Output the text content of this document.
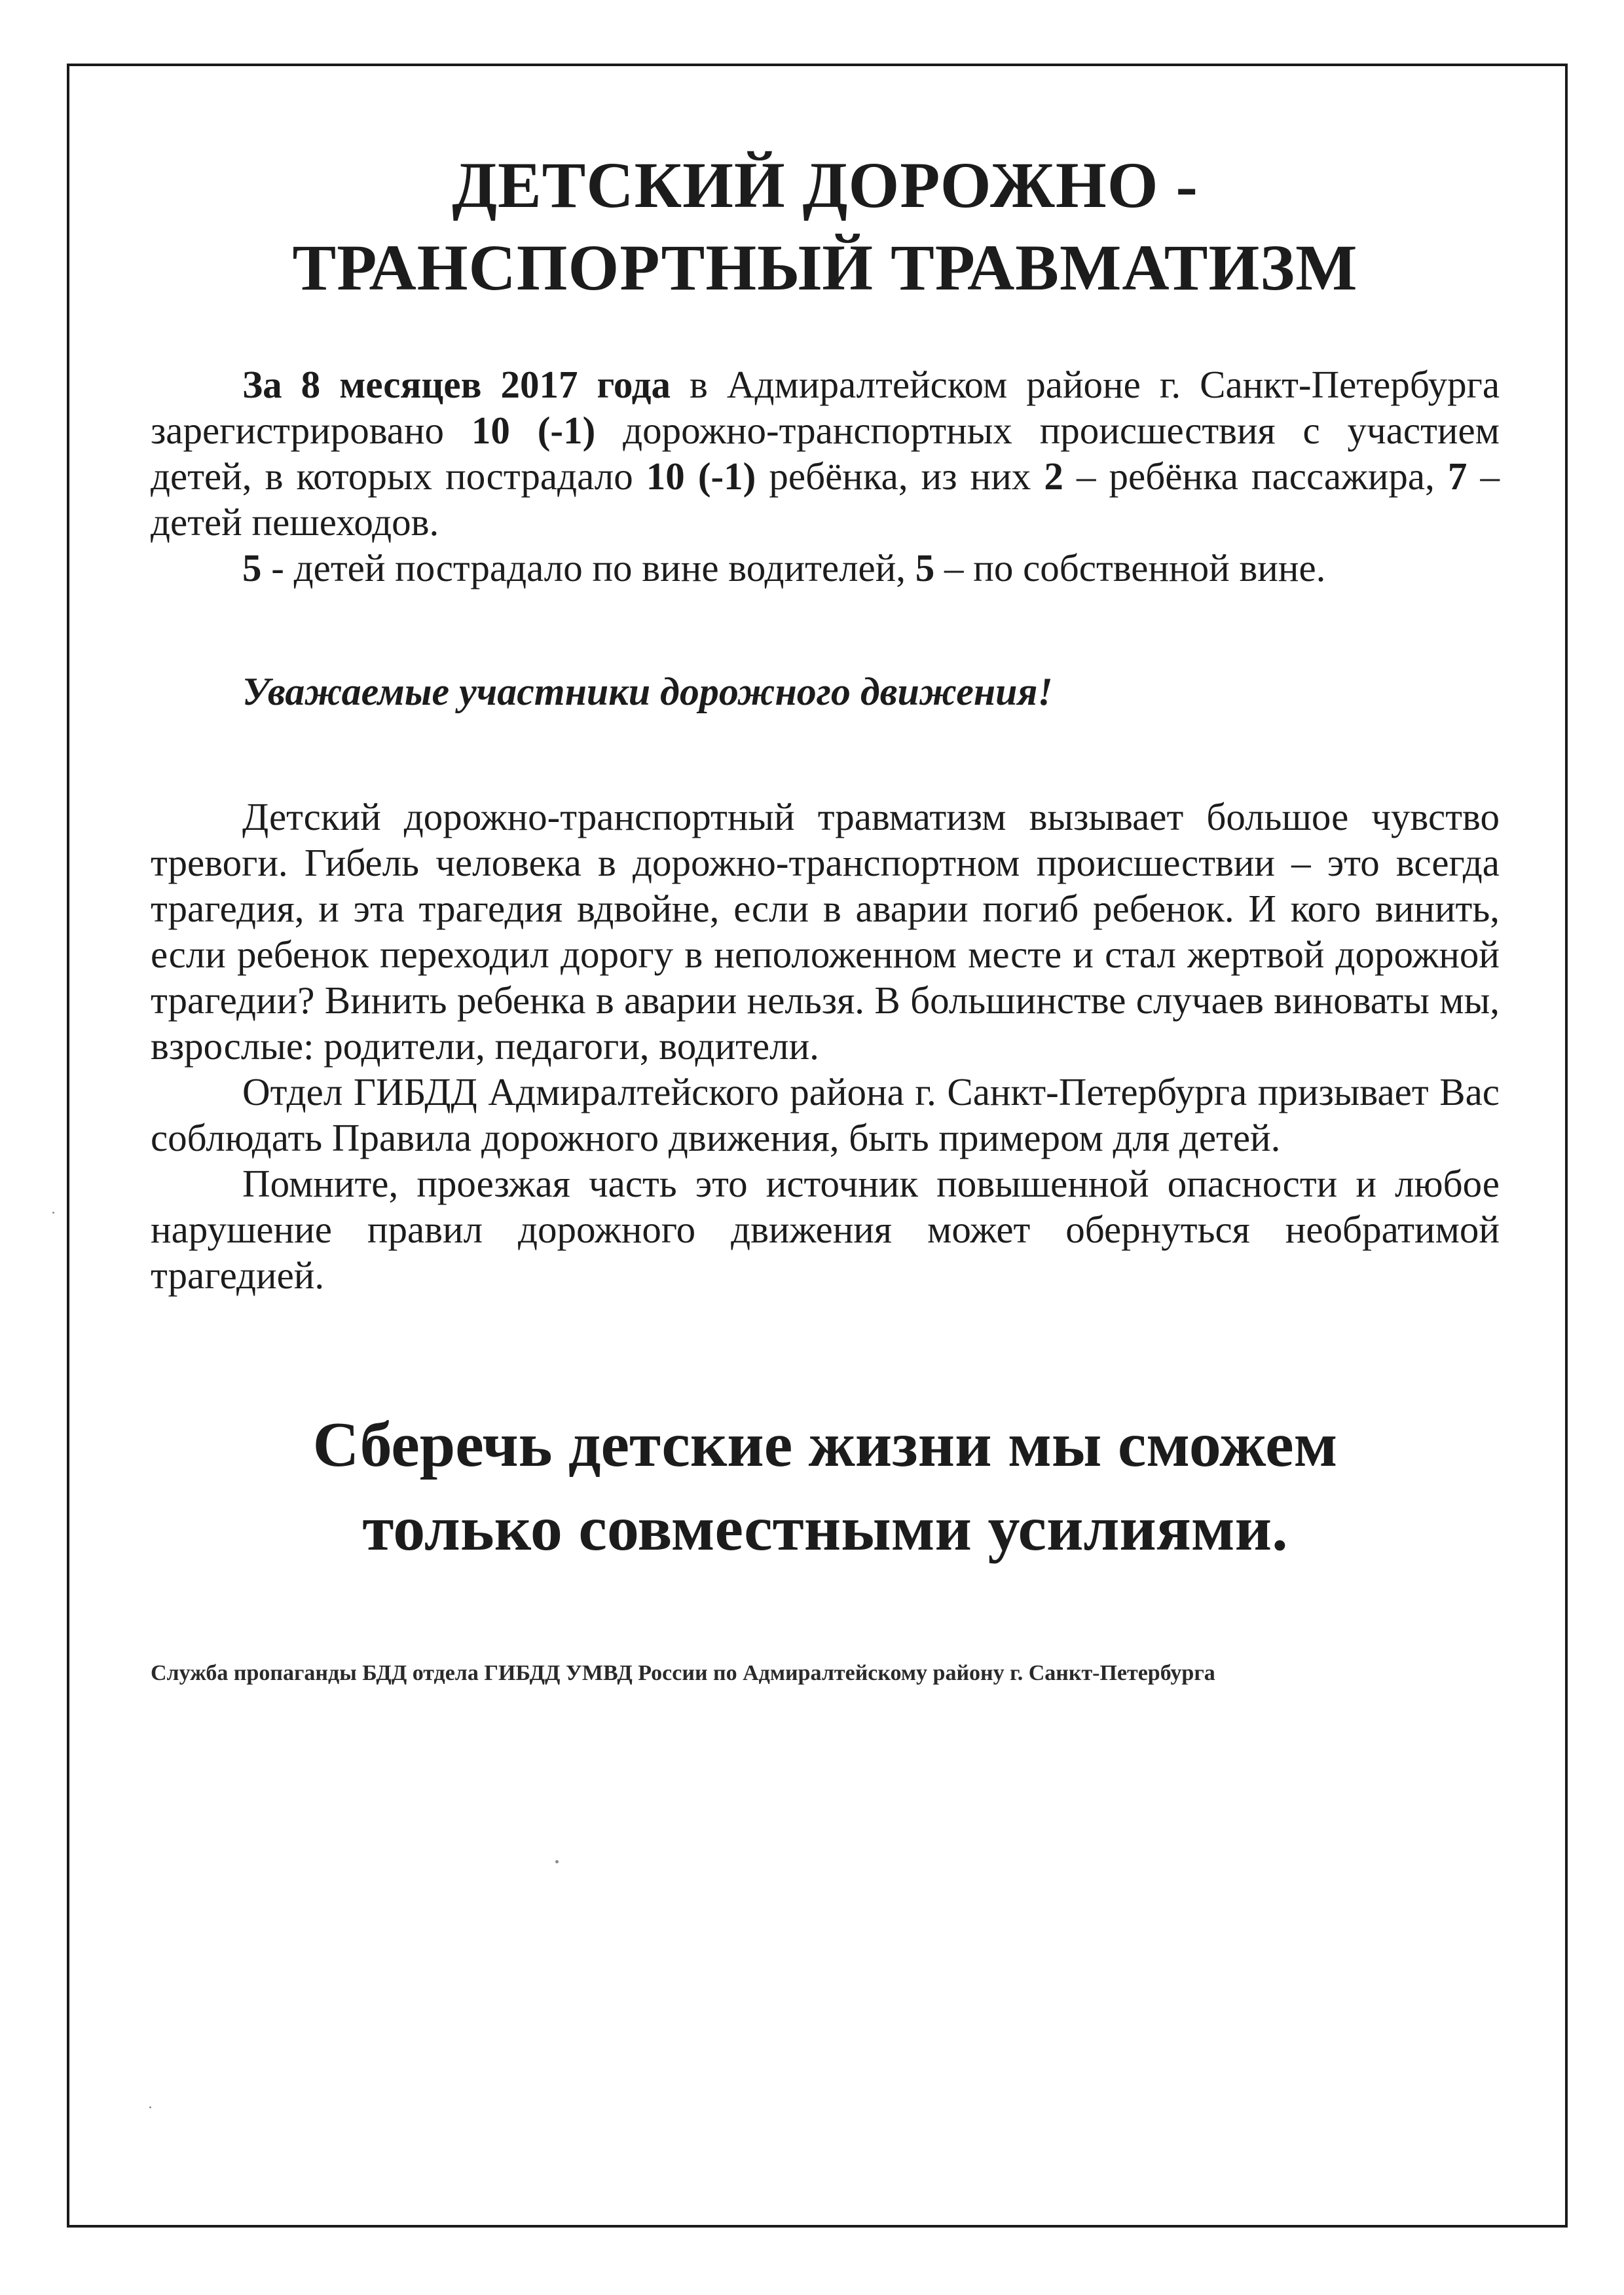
ДЕТСКИЙ ДОРОЖНО -
ТРАНСПОРТНЫЙ ТРАВМАТИЗМ

За 8 месяцев 2017 года в Адмиралтейском районе г. Санкт-Петербурга зарегистрировано 10 (-1) дорожно-транспортных происшествия с участием детей, в которых пострадало 10 (-1) ребёнка, из них 2 – ребёнка пассажира, 7 – детей пешеходов.

5 - детей пострадало по вине водителей, 5 – по собственной вине.

Уважаемые участники дорожного движения!

Детский дорожно-транспортный травматизм вызывает большое чувство тревоги. Гибель человека в дорожно-транспортном происшествии – это всегда трагедия, и эта трагедия вдвойне, если в аварии погиб ребенок. И кого винить, если ребенок переходил дорогу в неположенном месте и стал жертвой дорожной трагедии? Винить ребенка в аварии нельзя. В большинстве случаев виноваты мы, взрослые: родители, педагоги, водители.

Отдел ГИБДД Адмиралтейского района г. Санкт-Петербурга призывает Вас соблюдать Правила дорожного движения, быть примером для детей.

Помните, проезжая часть это источник повышенной опасности и любое нарушение правил дорожного движения может обернуться необратимой трагедией.

Сберечь детские жизни мы сможем
только совместными усилиями.

Служба пропаганды БДД отдела ГИБДД УМВД России по Адмиралтейскому району г. Санкт-Петербурга
